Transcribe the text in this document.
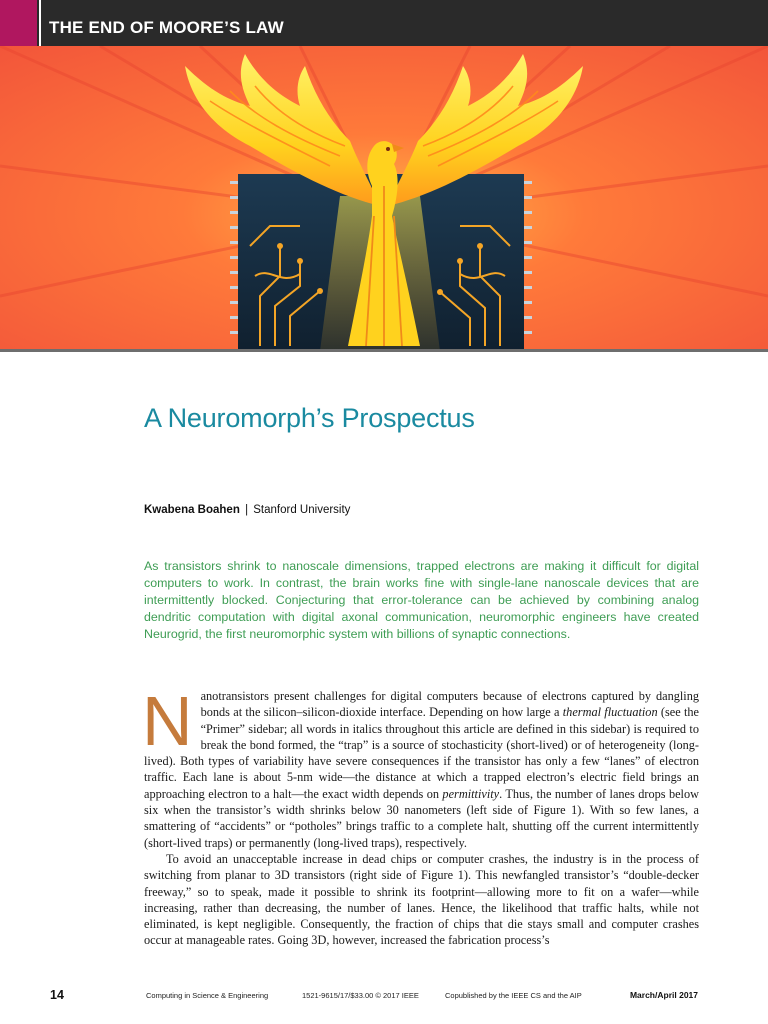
THE END OF MOORE’S LAW
A Neuromorph’s Prospectus
Kwabena Boahen | Stanford University

As transistors shrink to nanoscale dimensions, trapped electrons are making it difficult for digital computers to work. In contrast, the brain works fine with single-lane nanoscale devices that are intermittently blocked. Conjecturing that error-tolerance can be achieved by combining analog dendritic computation with digital axonal communication, neuromorphic engineers have created Neurogrid, the first neuromorphic system with billions of synaptic connections.

Nanotransistors present challenges for digital computers because of electrons captured by dangling bonds at the silicon–silicon-dioxide interface. Depending on how large a thermal fluctuation (see the “Primer” sidebar; all words in italics throughout this article are defined in this sidebar) is required to break the bond formed, the “trap” is a source of stochasticity (short-lived) or of heterogeneity (long-lived). Both types of variability have severe consequences if the transistor has only a few “lanes” of electron traffic. Each lane is about 5-nm wide—the distance at which a trapped electron’s electric field brings an approaching electron to a halt—the exact width depends on permittivity. Thus, the number of lanes drops below six when the transistor’s width shrinks below 30 nanometers (left side of Figure 1). With so few lanes, a smattering of “accidents” or “potholes” brings traffic to a complete halt, shutting off the current intermittently (short-lived traps) or permanently (long-lived traps), respectively.

To avoid an unacceptable increase in dead chips or computer crashes, the industry is in the process of switching from planar to 3D transistors (right side of Figure 1). This newfangled transistor’s “double-decker freeway,” so to speak, made it possible to shrink its footprint—allowing more to fit on a wafer—while increasing, rather than decreasing, the number of lanes. Hence, the likelihood that traffic halts, while not eliminated, is kept negligible. Consequently, the fraction of chips that die stays small and computer crashes occur at manageable rates. Going 3D, however, increased the fabrication process’s

14	Computing in Science & Engineering	1521-9615/17/$33.00 © 2017 IEEE	Copublished by the IEEE CS and the AIP	March/April 2017
